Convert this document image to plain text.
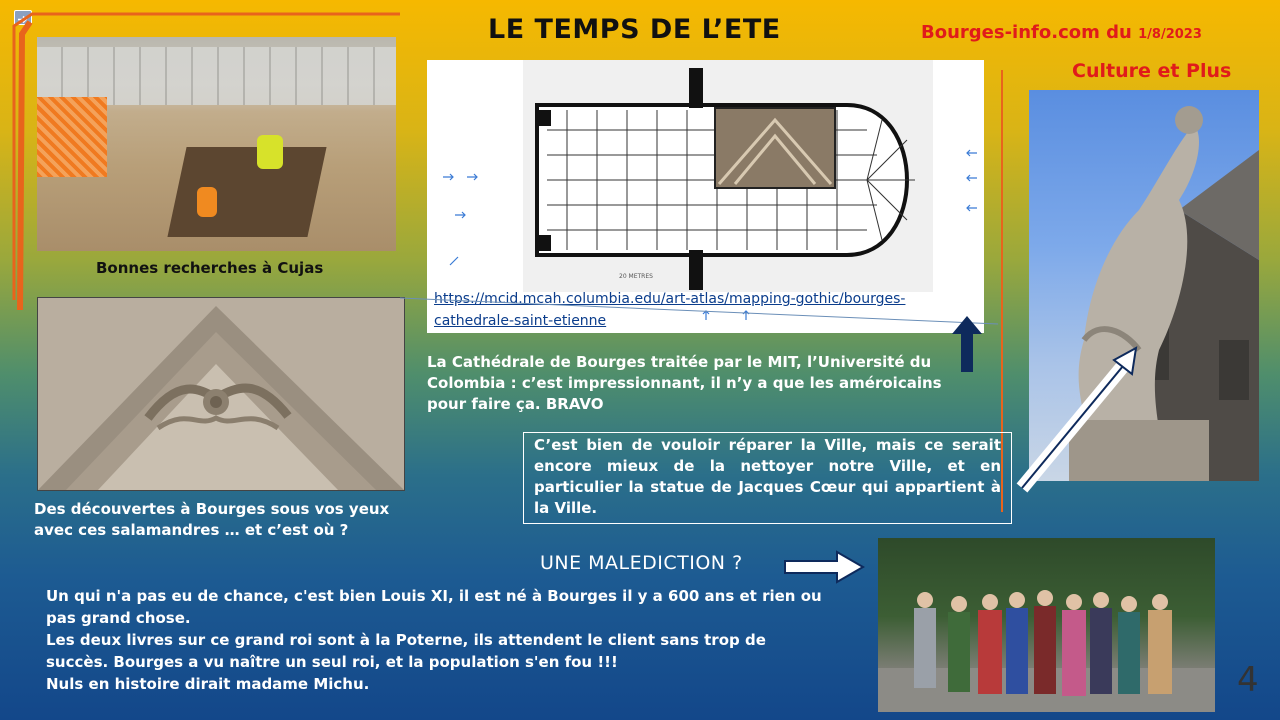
LE TEMPS DE L’ETE	Bourges-info.com du 1/8/2023
Culture et Plus
Bonnes recherches à Cujas
Des découvertes à Bourges sous vos yeux avec ces salamandres … et c’est où ?
20 METRES
https://mcid.mcah.columbia.edu/art-atlas/mapping-gothic/bourges-
cathedrale-saint-etienne
La Cathédrale de Bourges traitée par le MIT, l’Université du Colombia : c’est impressionnant, il n’y a que les améroicains pour faire ça. BRAVO
C’est bien de vouloir réparer la Ville, mais ce serait encore mieux de la nettoyer notre Ville, et en particulier la statue de Jacques Cœur qui appartient à la Ville.
UNE MALEDICTION ?
Un qui n'a pas eu de chance, c'est bien Louis XI, il est né à Bourges il y a 600 ans et rien ou pas grand chose.
Les deux livres sur ce grand roi sont à la Poterne, ils attendent le client sans trop de succès. Bourges a vu naître un seul roi, et la population s'en fou !!!
Nuls en histoire dirait madame Michu.	4
